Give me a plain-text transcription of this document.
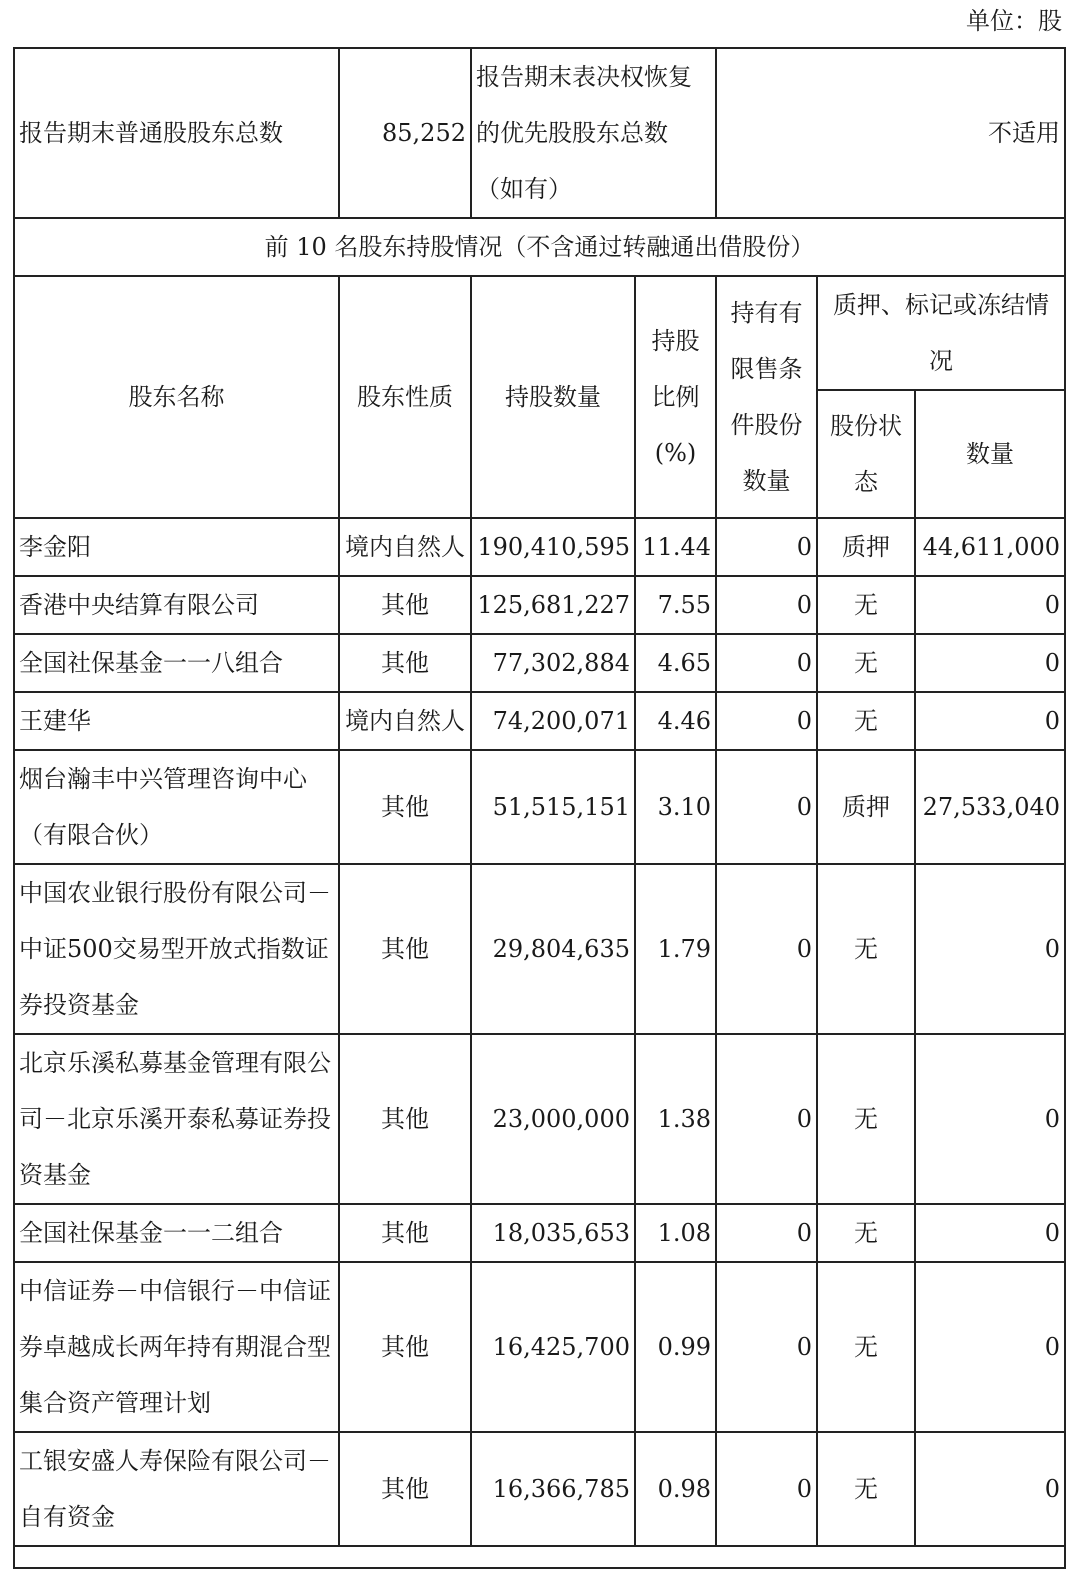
单位：股
报告期末普通股股东总数	85,252	报告期末表决权恢复的优先股股东总数（如有）		不适用		
前 10 名股东持股情况（不含通过转融通出借股份）						
股东名称	股东性质	持股数量	持股比例(%)	持有有限售条件股份数量	质押、标记或冻结情况	
					股份状态	数量
李金阳	境内自然人	190,410,595	11.44	0	质押	44,611,000
香港中央结算有限公司	其他	125,681,227	7.55	0	无	0
全国社保基金一一八组合	其他	77,302,884	4.65	0	无	0
王建华	境内自然人	74,200,071	4.46	0	无	0
烟台瀚丰中兴管理咨询中心（有限合伙）	其他	51,515,151	3.10	0	质押	27,533,040
中国农业银行股份有限公司－中证500交易型开放式指数证券投资基金	其他	29,804,635	1.79	0	无	0
北京乐溪私募基金管理有限公司－北京乐溪开泰私募证券投资基金	其他	23,000,000	1.38	0	无	0
全国社保基金一一二组合	其他	18,035,653	1.08	0	无	0
中信证券－中信银行－中信证券卓越成长两年持有期混合型集合资产管理计划	其他	16,425,700	0.99	0	无	0
工银安盛人寿保险有限公司－自有资金	其他	16,366,785	0.98	0	无	0
